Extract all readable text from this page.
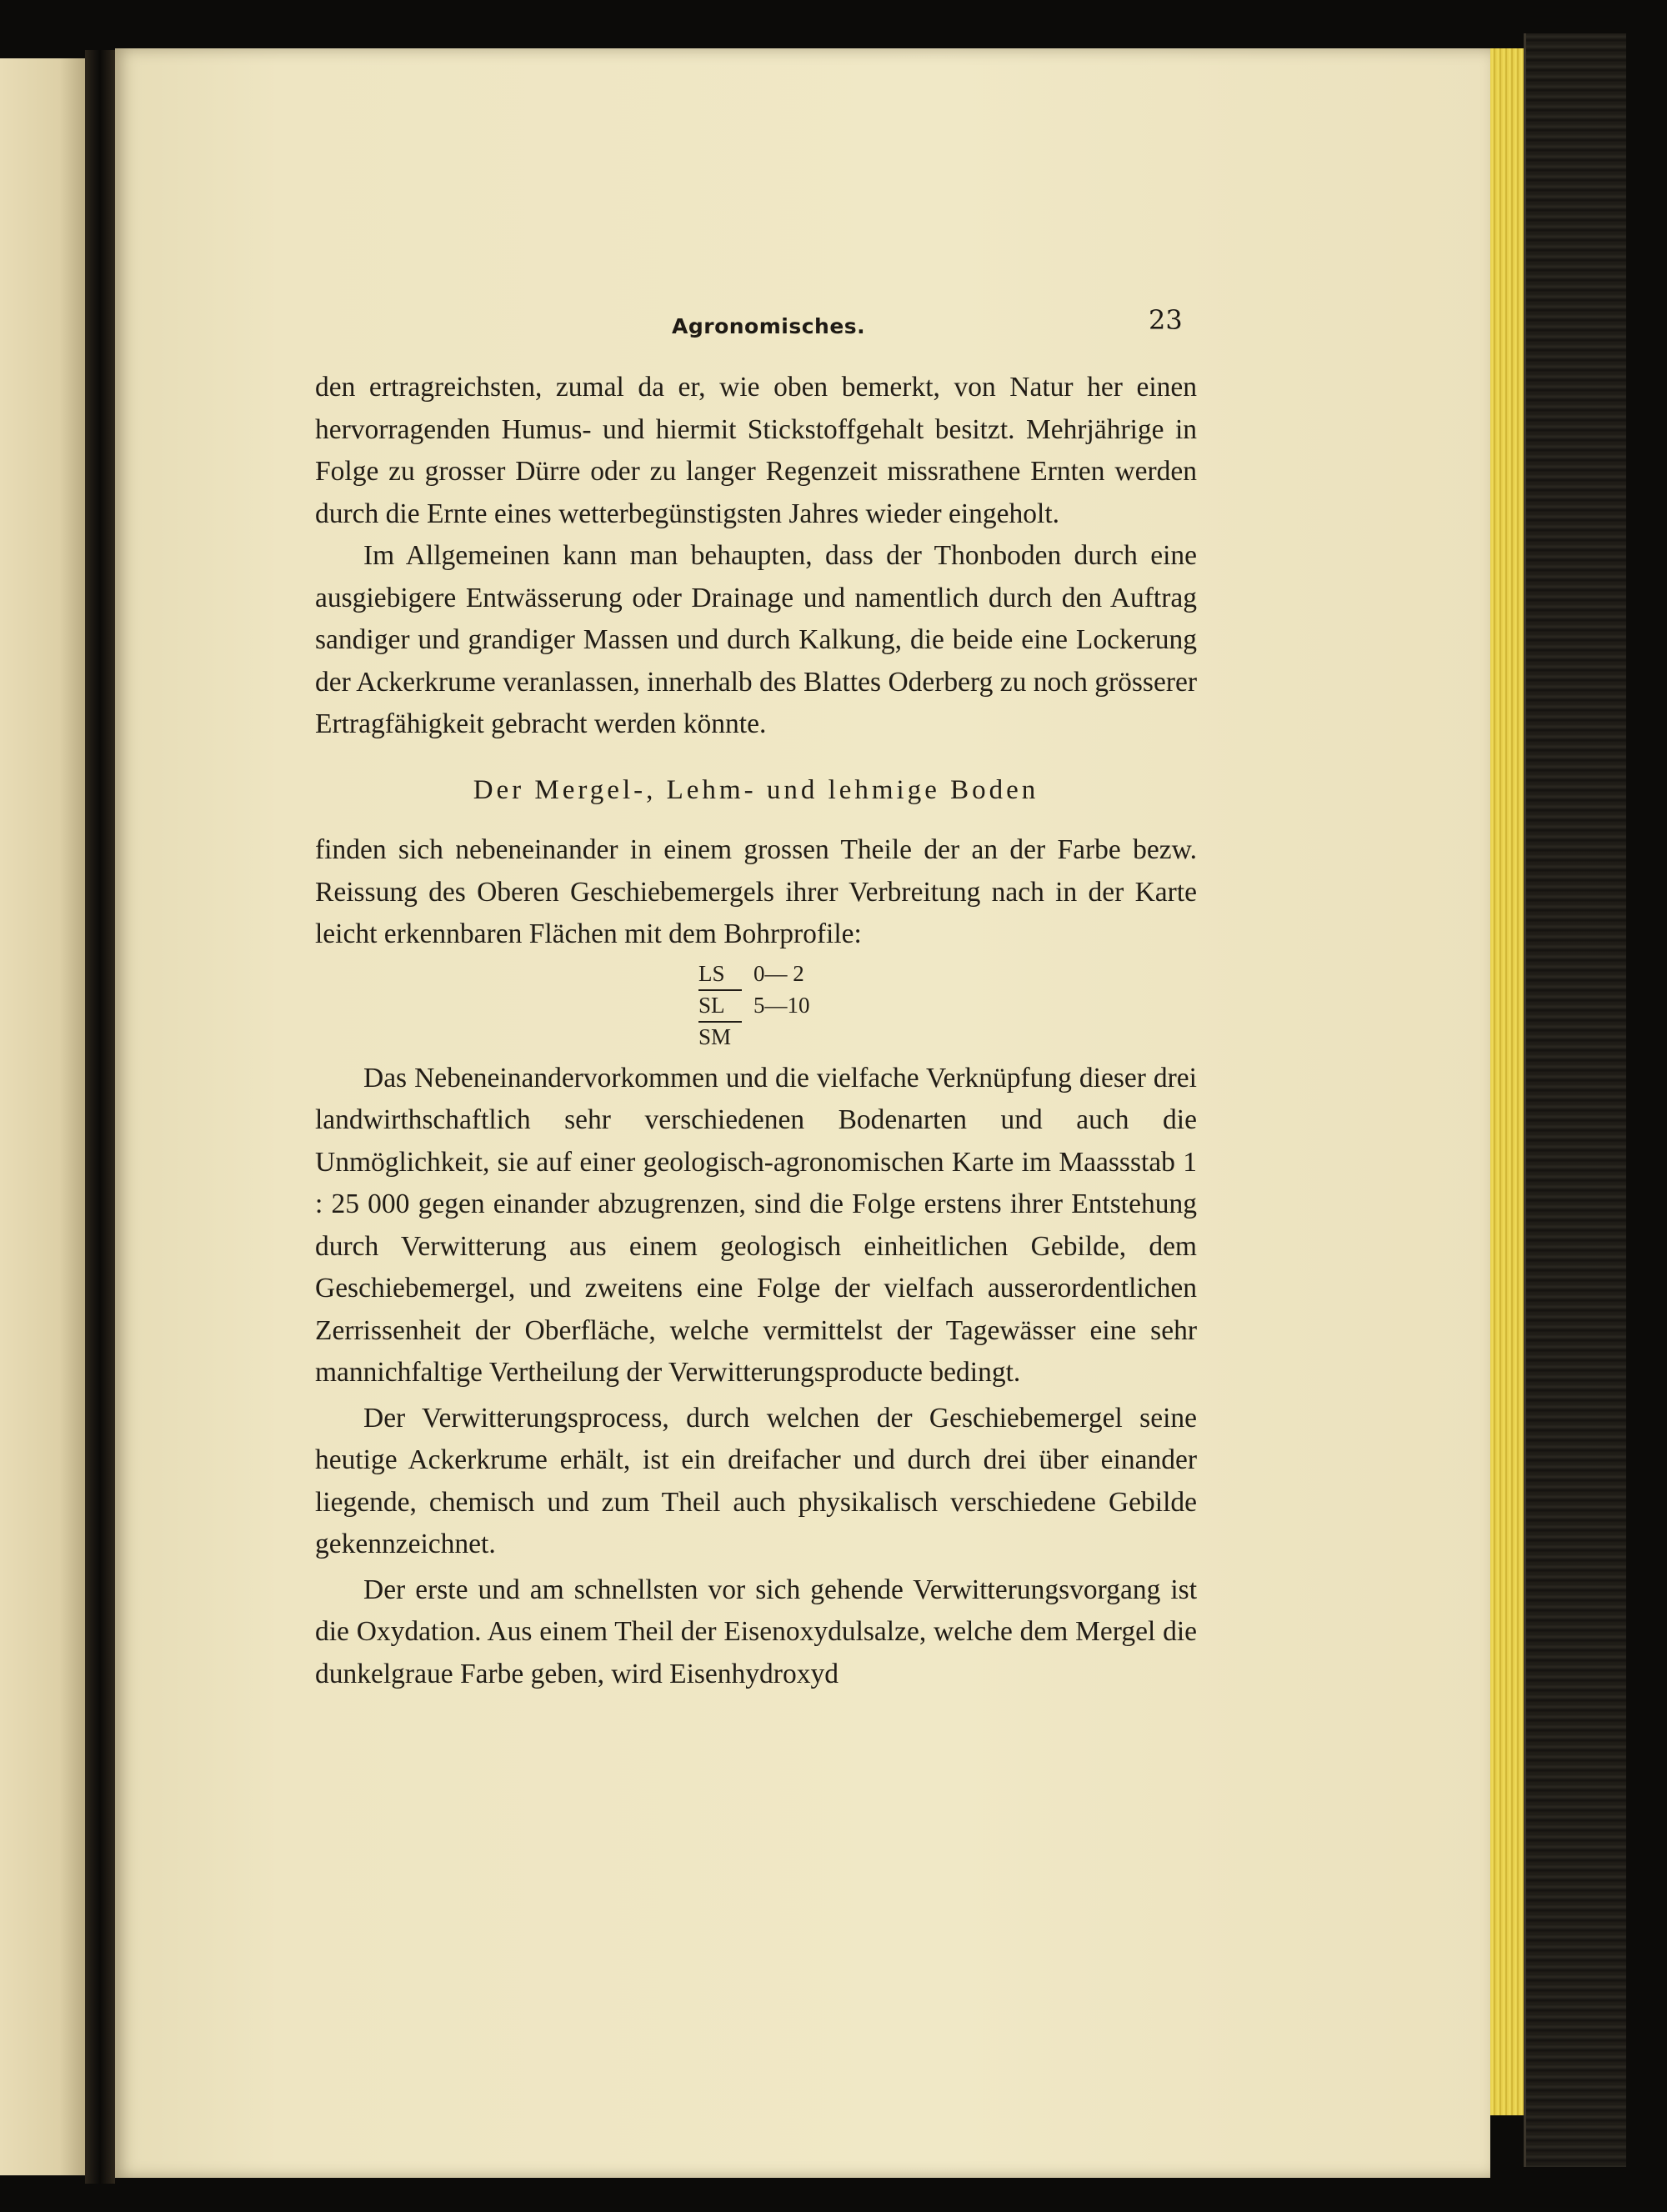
Agronomisches.	23

den ertragreichsten, zumal da er, wie oben bemerkt, von Natur her einen hervorragenden Humus- und hiermit Stickstoffgehalt besitzt. Mehrjährige in Folge zu grosser Dürre oder zu langer Regenzeit missrathene Ernten werden durch die Ernte eines wetterbegünstigsten Jahres wieder eingeholt.

Im Allgemeinen kann man behaupten, dass der Thonboden durch eine ausgiebigere Entwässerung oder Drainage und namentlich durch den Auftrag sandiger und grandiger Massen und durch Kalkung, die beide eine Lockerung der Ackerkrume veranlassen, innerhalb des Blattes Oderberg zu noch grösserer Ertragfähigkeit gebracht werden könnte.

Der Mergel-, Lehm- und lehmige Boden

finden sich nebeneinander in einem grossen Theile der an der Farbe bezw. Reissung des Oberen Geschiebemergels ihrer Verbreitung nach in der Karte leicht erkennbaren Flächen mit dem Bohrprofile:

LS	0— 2
SL	5—10
SM

Das Nebeneinandervorkommen und die vielfache Verknüpfung dieser drei landwirthschaftlich sehr verschiedenen Bodenarten und auch die Unmöglichkeit, sie auf einer geologisch-agronomischen Karte im Maassstab 1 : 25 000 gegen einander abzugrenzen, sind die Folge erstens ihrer Entstehung durch Verwitterung aus einem geologisch einheitlichen Gebilde, dem Geschiebemergel, und zweitens eine Folge der vielfach ausserordentlichen Zerrissenheit der Oberfläche, welche vermittelst der Tagewässer eine sehr mannichfaltige Vertheilung der Verwitterungsproducte bedingt.

Der Verwitterungsprocess, durch welchen der Geschiebemergel seine heutige Ackerkrume erhält, ist ein dreifacher und durch drei über einander liegende, chemisch und zum Theil auch physikalisch verschiedene Gebilde gekennzeichnet.

Der erste und am schnellsten vor sich gehende Verwitterungsvorgang ist die Oxydation. Aus einem Theil der Eisenoxydulsalze, welche dem Mergel die dunkelgraue Farbe geben, wird Eisenhydroxyd
